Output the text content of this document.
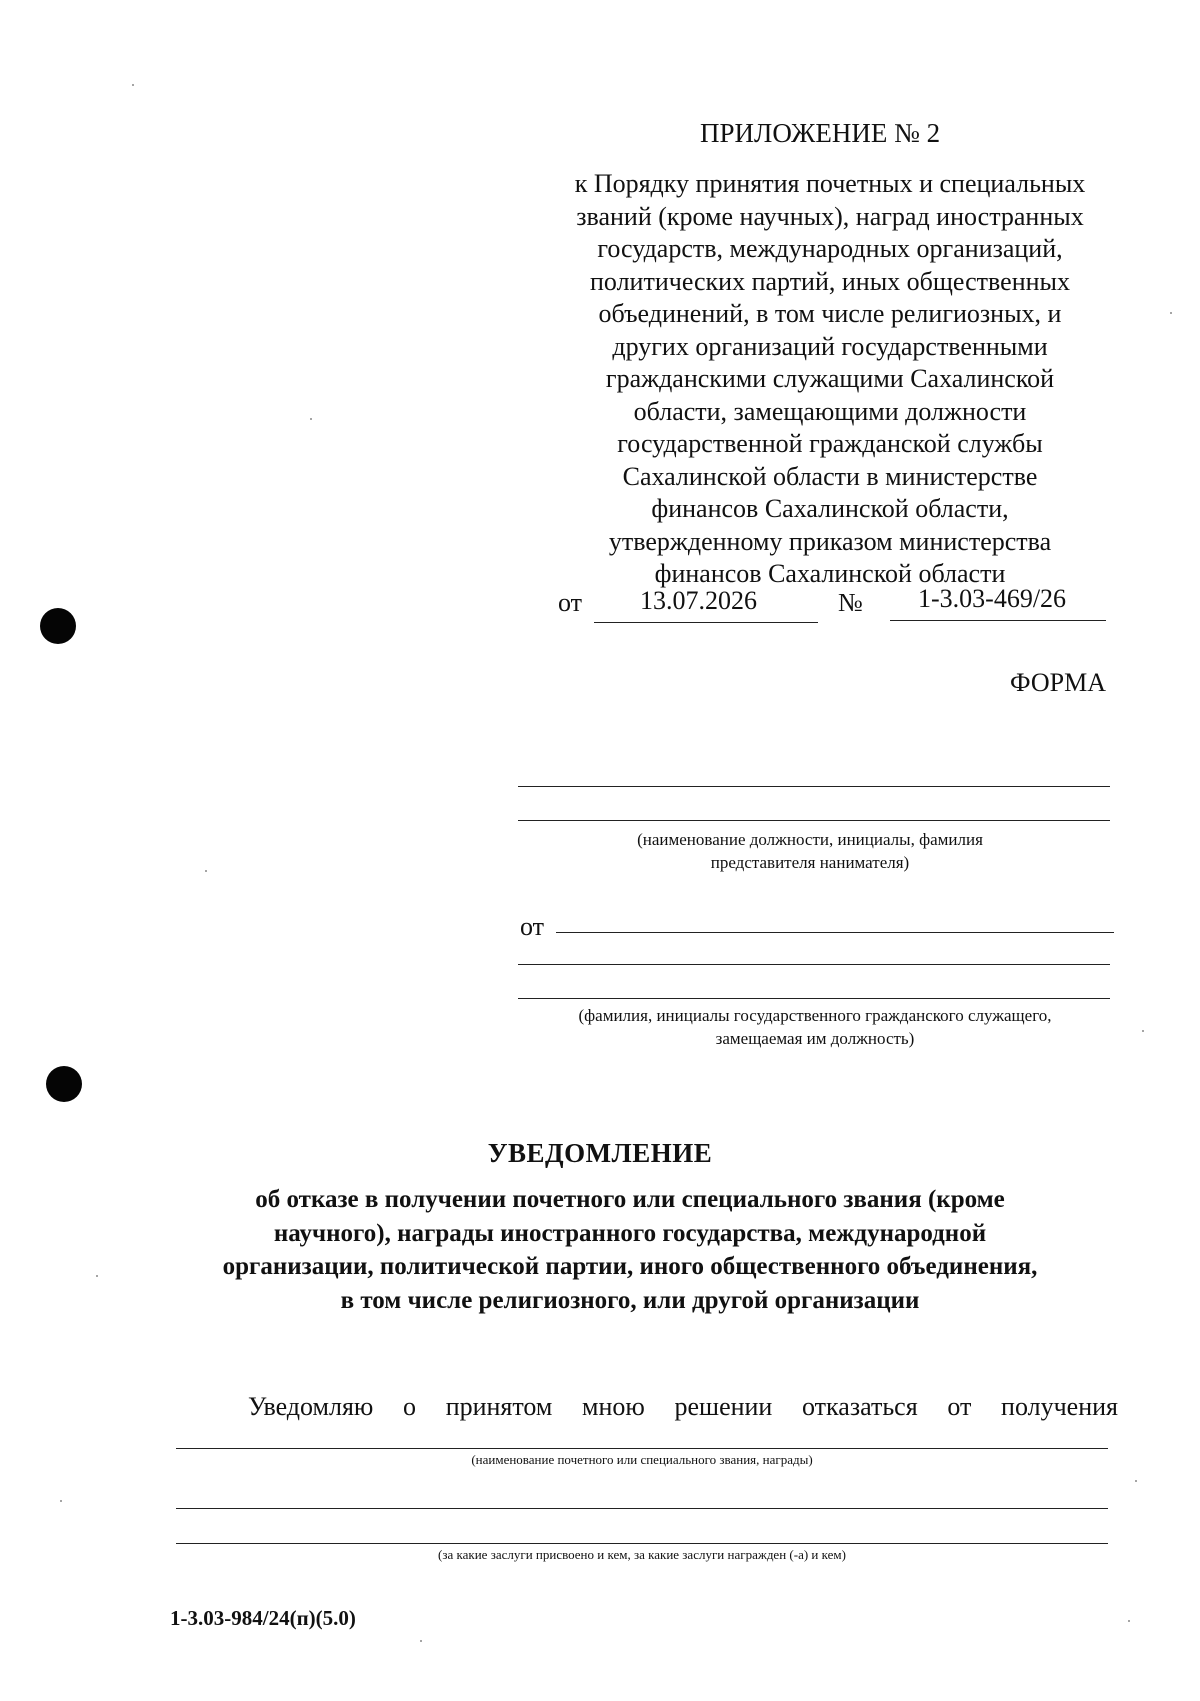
ПРИЛОЖЕНИЕ № 2
к Порядку принятия почетных и специальных
званий (кроме научных), наград иностранных
государств, международных организаций,
политических партий, иных общественных
объединений, в том числе религиозных, и
других организаций государственными
гражданскими служащими Сахалинской
области, замещающими должности
государственной гражданской службы
Сахалинской области в министерстве
финансов Сахалинской области,
утвержденному приказом министерства
финансов Сахалинской области
от 13.07.2026	№ 1-3.03-469/26
ФОРМА
(наименование должности, инициалы, фамилия
представителя нанимателя)
от
(фамилия, инициалы государственного гражданского служащего,
замещаемая им должность)
УВЕДОМЛЕНИЕ
об отказе в получении почетного или специального звания (кроме
научного), награды иностранного государства, международной
организации, политической партии, иного общественного объединения,
в том числе религиозного, или другой организации
Уведомляю о принятом мною решении отказаться от получения
(наименование почетного или специального звания, награды)
(за какие заслуги присвоено и кем, за какие заслуги награжден (-а) и кем)
1-3.03-984/24(п)(5.0)
